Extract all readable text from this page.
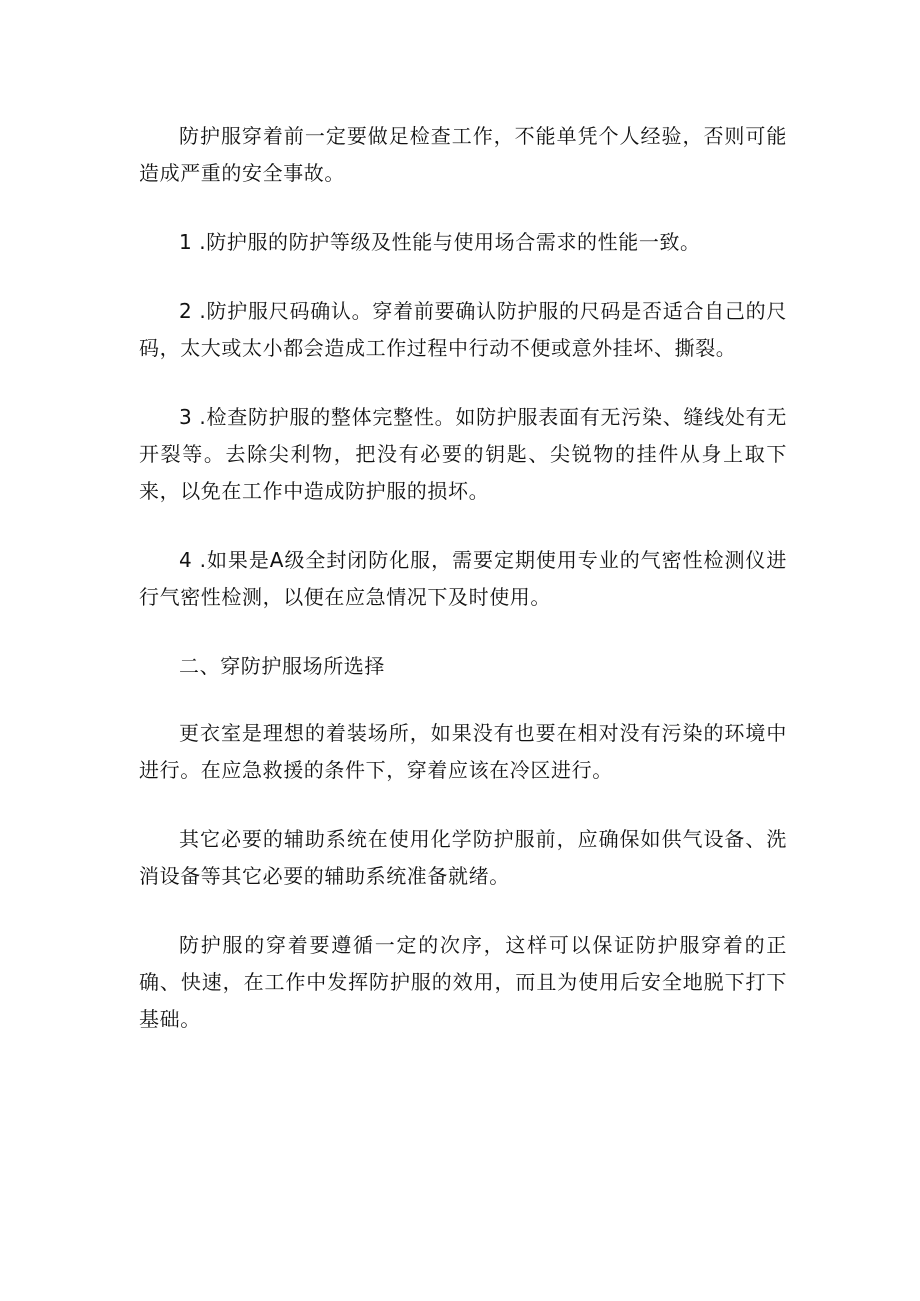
防护服穿着前一定要做足检查工作，不能单凭个人经验，否则可能造成严重的安全事故。

1 .防护服的防护等级及性能与使用场合需求的性能一致。

2 .防护服尺码确认。穿着前要确认防护服的尺码是否适合自己的尺码，太大或太小都会造成工作过程中行动不便或意外挂坏、撕裂。

3 .检查防护服的整体完整性。如防护服表面有无污染、缝线处有无开裂等。去除尖利物，把没有必要的钥匙、尖锐物的挂件从身上取下来，以免在工作中造成防护服的损坏。

4 .如果是A级全封闭防化服，需要定期使用专业的气密性检测仪进行气密性检测，以便在应急情况下及时使用。

二、穿防护服场所选择

更衣室是理想的着装场所，如果没有也要在相对没有污染的环境中进行。在应急救援的条件下，穿着应该在冷区进行。

其它必要的辅助系统在使用化学防护服前，应确保如供气设备、洗消设备等其它必要的辅助系统准备就绪。

防护服的穿着要遵循一定的次序，这样可以保证防护服穿着的正确、快速，在工作中发挥防护服的效用，而且为使用后安全地脱下打下基础。
